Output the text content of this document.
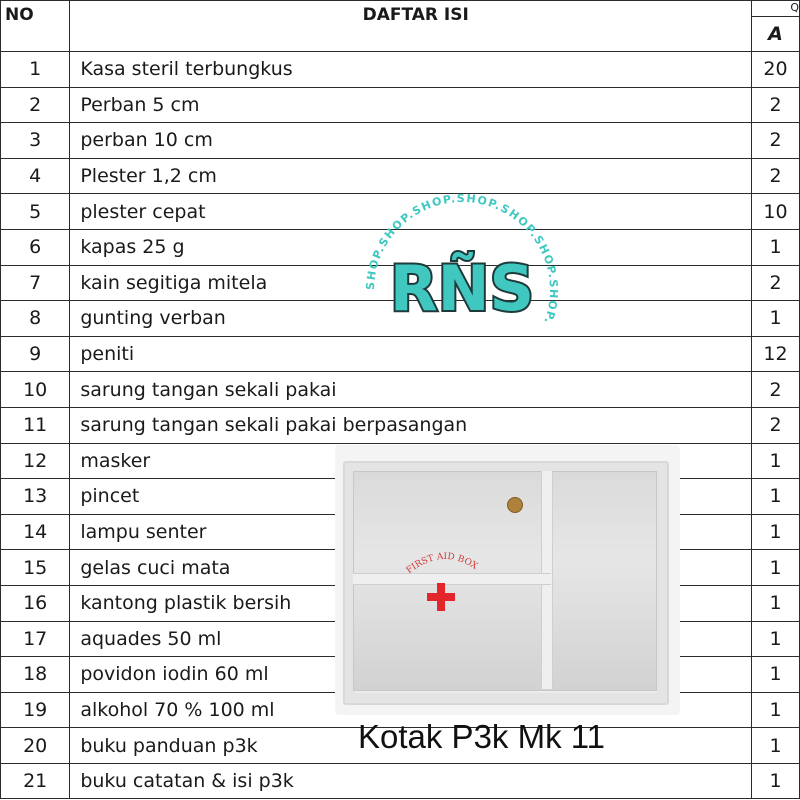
NO	DAFTAR ISI	Q
		A
1	Kasa steril terbungkus	20
2	Perban 5 cm	2
3	perban 10 cm	2
4	Plester 1,2 cm	2
5	plester cepat	10
6	kapas 25 g	1
7	kain segitiga mitela	2
8	gunting verban	1
9	peniti	12
10	sarung tangan sekali pakai	2
11	sarung tangan sekali pakai berpasangan	2
12	masker	1
13	pincet	1
14	lampu senter	1
15	gelas cuci mata	1
16	kantong plastik bersih	1
17	aquades 50 ml	1
18	povidon iodin 60 ml	1
19	alkohol 70 % 100 ml	1
20	buku panduan p3k	1
21	buku catatan & isi p3k	1
SHOP.SHOP.SHOP.SHOP.SHOP.SHOP.SHOP.
RÑS
FIRST AID BOX
Kotak P3k Mk 11
